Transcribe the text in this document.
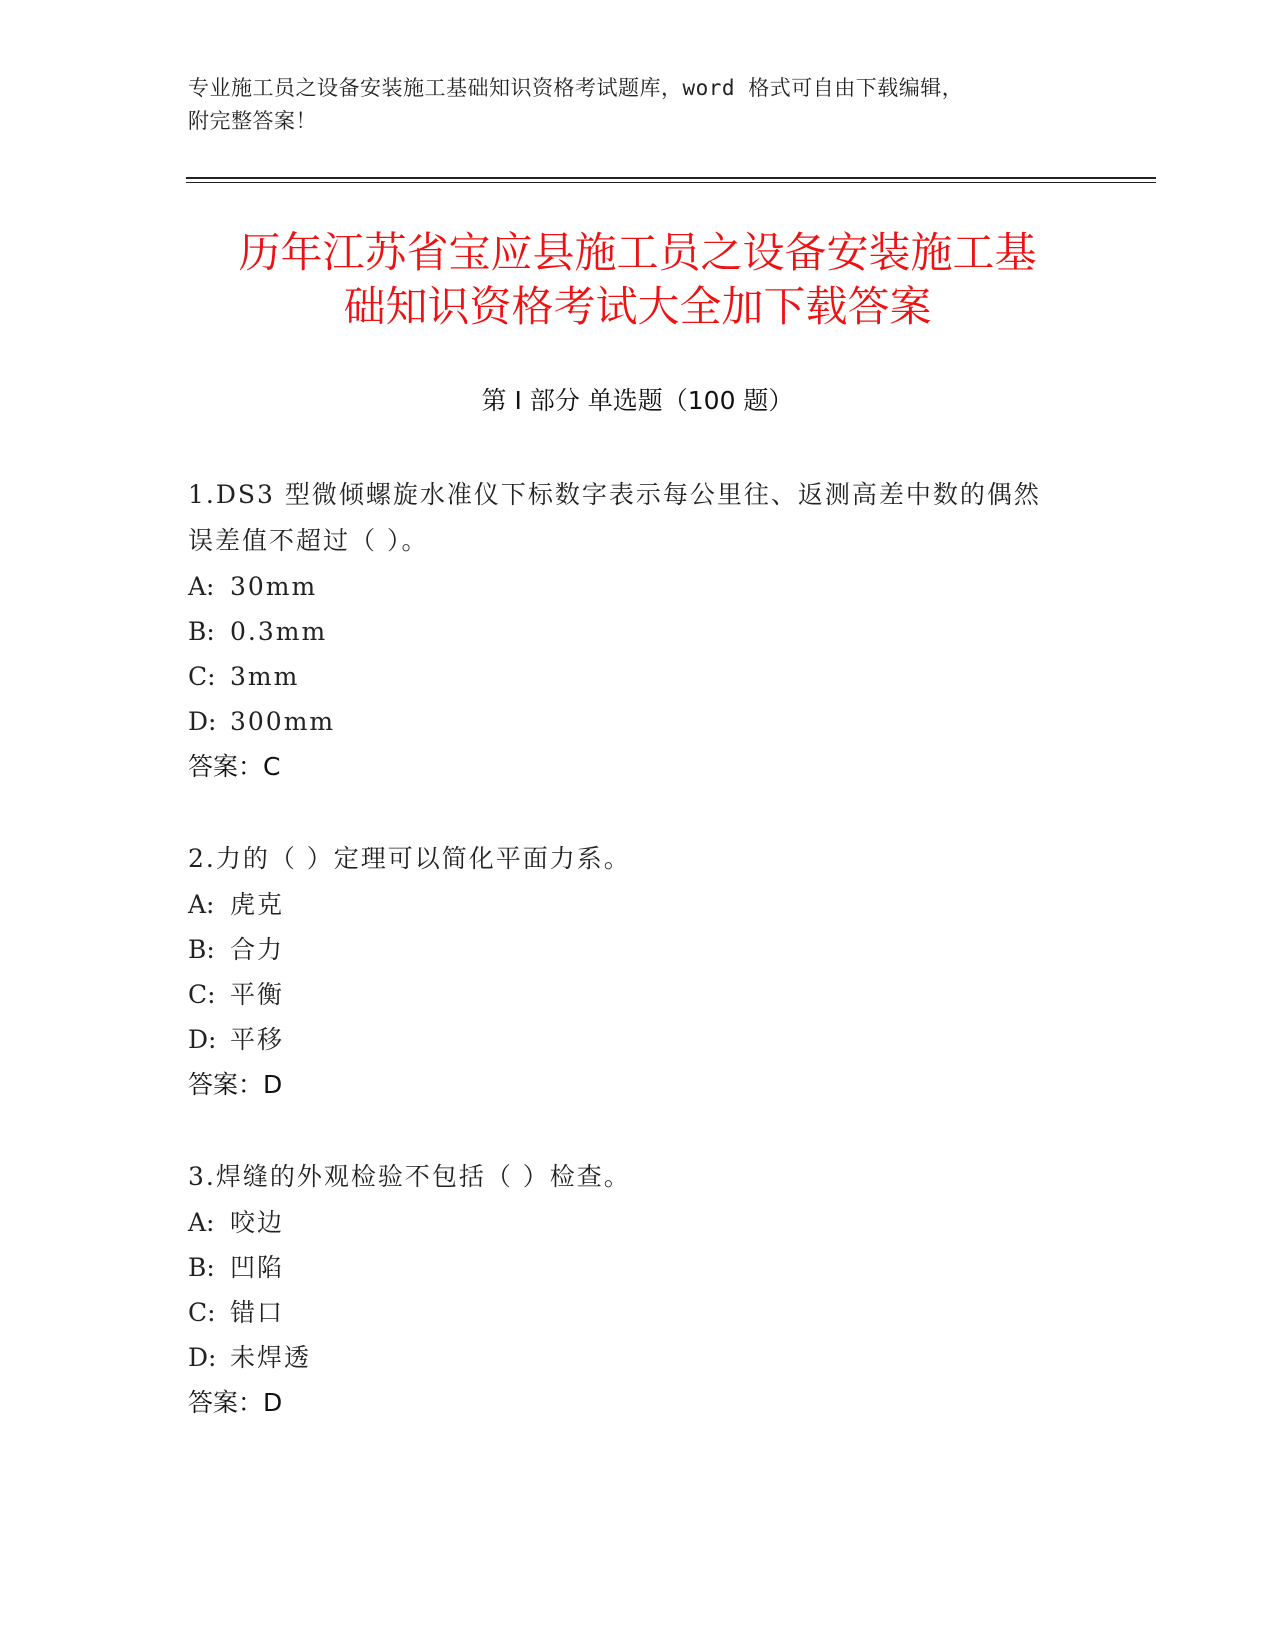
专业施工员之设备安装施工基础知识资格考试题库，word 格式可自由下载编辑，
附完整答案！
历年江苏省宝应县施工员之设备安装施工基
础知识资格考试大全加下载答案
第 I 部分 单选题（100 题）

1.DS3 型微倾螺旋水准仪下标数字表示每公里往、返测高差中数的偶然

误差值不超过（ ）。

A: 30mm

B: 0.3mm

C: 3mm

D: 300mm

答案：C

2.力的（ ）定理可以简化平面力系。

A: 虎克

B: 合力

C: 平衡

D: 平移

答案：D

3.焊缝的外观检验不包括（ ）检查。

A: 咬边

B: 凹陷

C: 错口

D: 未焊透

答案：D
